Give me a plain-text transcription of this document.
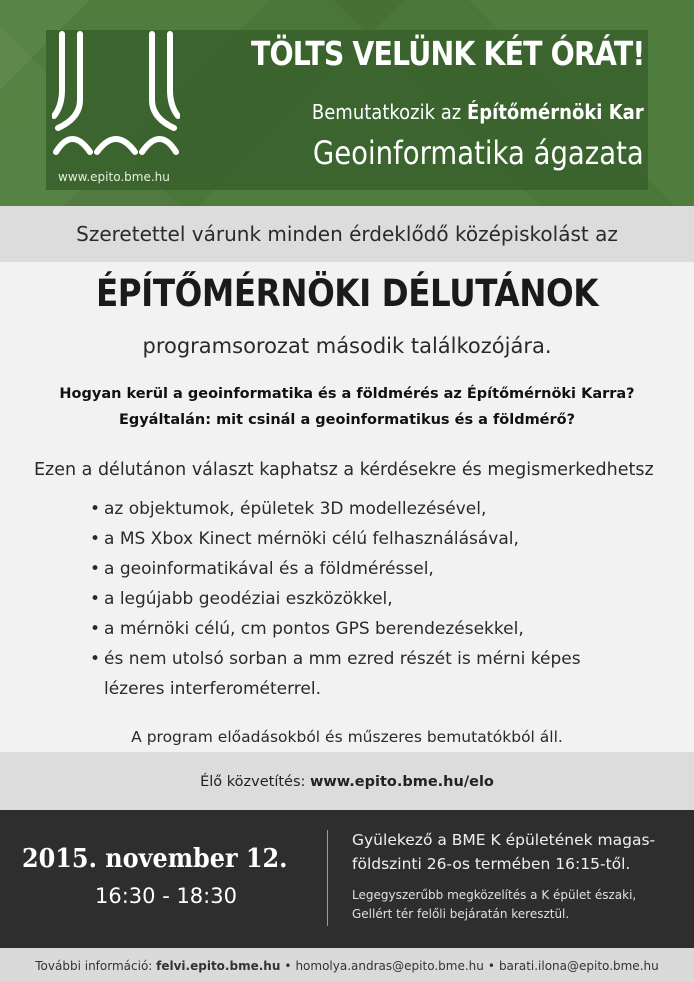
www.epito.bme.hu
TÖLTS VELÜNK KÉT ÓRÁT!
Bemutatkozik az Építőmérnöki Kar
Geoinformatika ágazata
Szeretettel várunk minden érdeklődő középiskolást az
ÉPÍTŐMÉRNÖKI DÉLUTÁNOK
programsorozat második találkozójára.
Hogyan kerül a geoinformatika és a földmérés az Építőmérnöki Karra?
Egyáltalán: mit csinál a geoinformatikus és a földmérő?
Ezen a délutánon választ kaphatsz a kérdésekre és megismerkedhetsz
• az objektumok, épületek 3D modellezésével,
• a MS Xbox Kinect mérnöki célú felhasználásával,
• a geoinformatikával és a földméréssel,
• a legújabb geodéziai eszközökkel,
• a mérnöki célú, cm pontos GPS berendezésekkel,
• és nem utolsó sorban a mm ezred részét is mérni képes
lézeres interferométerrel.
A program előadásokból és műszeres bemutatókból áll.
Élő közvetítés: www.epito.bme.hu/elo
2015. november 12.
16:30 - 18:30
Gyülekező a BME K épületének magas-
földszinti 26-os termében 16:15-től.
Legegyszerűbb megközelítés a K épület északi,
Gellért tér felőli bejáratán keresztül.
További információ: felvi.epito.bme.hu • homolya.andras@epito.bme.hu • barati.ilona@epito.bme.hu
